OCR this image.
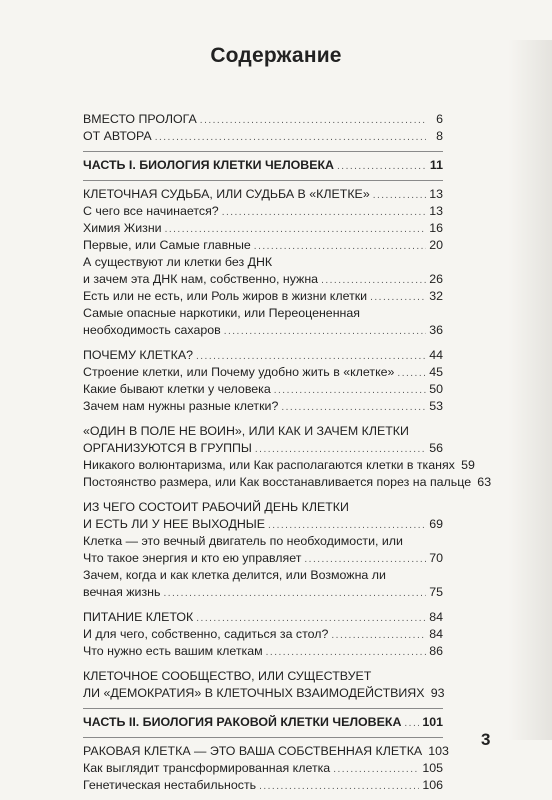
Содержание
ВМЕСТО ПРОЛОГА .....	6
ОТ АВТОРА .....	8
ЧАСТЬ I. БИОЛОГИЯ КЛЕТКИ ЧЕЛОВЕКА .....	11
КЛЕТОЧНАЯ СУДЬБА, ИЛИ СУДЬБА В «КЛЕТКЕ» .....	13
С чего все начинается? .....	13
Химия Жизни .....	16
Первые, или Самые главные .....	20
А существуют ли клетки без ДНК
и зачем эта ДНК нам, собственно, нужна .....	26
Есть или не есть, или Роль жиров в жизни клетки .....	32
Самые опасные наркотики, или Переоцененная
необходимость сахаров .....	36
ПОЧЕМУ КЛЕТКА? .....	44
Строение клетки, или Почему удобно жить в «клетке» .....	45
Какие бывают клетки у человека .....	50
Зачем нам нужны разные клетки? .....	53
«ОДИН В ПОЛЕ НЕ ВОИН», ИЛИ КАК И ЗАЧЕМ КЛЕТКИ
ОРГАНИЗУЮТСЯ В ГРУППЫ .....	56
Никакого волюнтаризма, или Как располагаются клетки в тканях 59
Постоянство размера, или Как восстанавливается порез на пальце 63
ИЗ ЧЕГО СОСТОИТ РАБОЧИЙ ДЕНЬ КЛЕТКИ
И ЕСТЬ ЛИ У НЕЕ ВЫХОДНЫЕ .....	69
Клетка — это вечный двигатель по необходимости, или
Что такое энергия и кто ею управляет .....	70
Зачем, когда и как клетка делится, или Возможна ли
вечная жизнь .....	75
ПИТАНИЕ КЛЕТОК .....	84
И для чего, собственно, садиться за стол? .....	84
Что нужно есть вашим клеткам .....	86
КЛЕТОЧНОЕ СООБЩЕСТВО, ИЛИ СУЩЕСТВУЕТ
ЛИ «ДЕМОКРАТИЯ» В КЛЕТОЧНЫХ ВЗАИМОДЕЙСТВИЯХ 93
ЧАСТЬ II. БИОЛОГИЯ РАКОВОЙ КЛЕТКИ ЧЕЛОВЕКА ..... 101
РАКОВАЯ КЛЕТКА — ЭТО ВАША СОБСТВЕННАЯ КЛЕТКА 103
Как выглядит трансформированная клетка .....	105
Генетическая нестабильность .....	106
3
